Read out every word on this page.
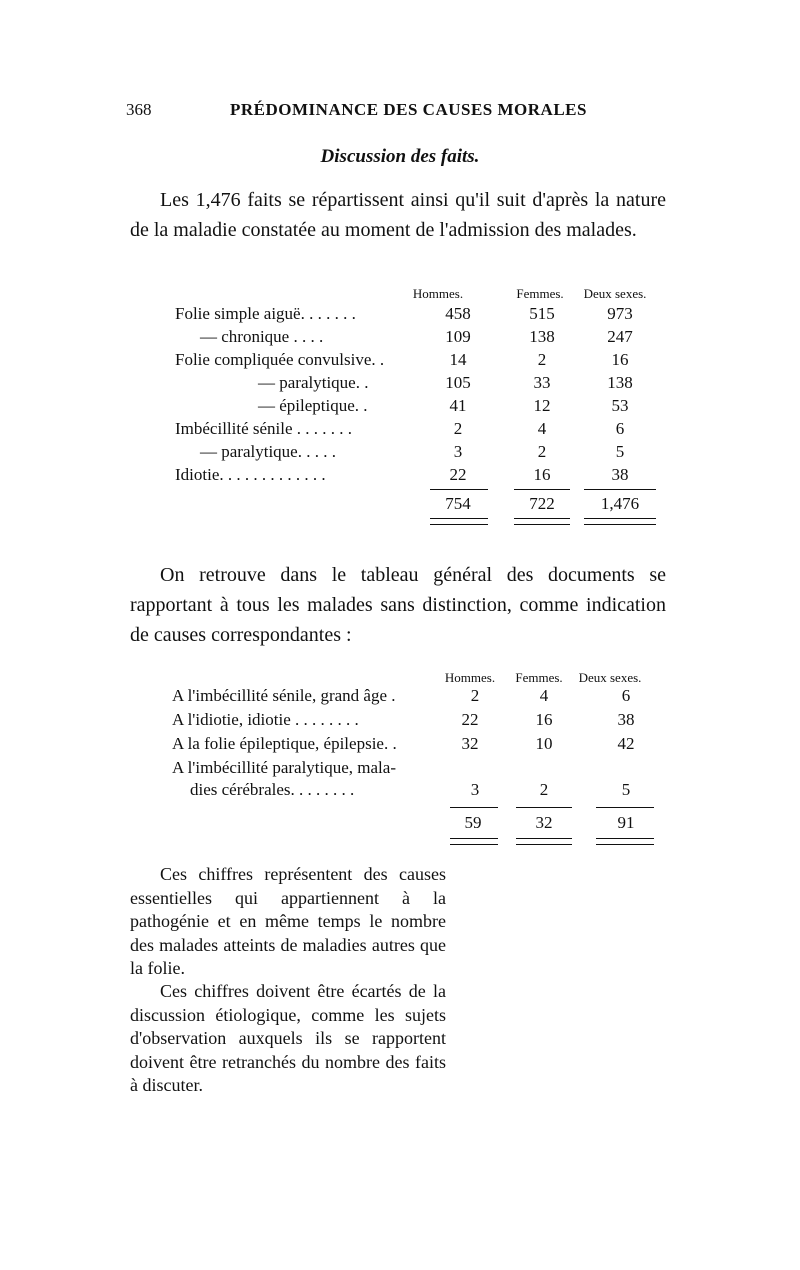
368	PRÉDOMINANCE DES CAUSES MORALES
Discussion des faits.
Les 1,476 faits se répartissent ainsi qu'il suit d'après la nature de la maladie constatée au moment de l'admission des malades.
Hommes.	Femmes.	Deux sexes.
Folie simple aiguë. . . . . . .	458	515	973
— chronique . . . .	109	138	247
Folie compliquée convulsive. .	14	2	16
— paralytique. .	105	33	138
— épileptique. .	41	12	53
Imbécillité sénile . . . . . . .	2	4	6
— paralytique. . . . .	3	2	5
Idiotie. . . . . . . . . . . . .	22	16	38
754	722	1,476
On retrouve dans le tableau général des documents se rapportant à tous les malades sans distinction, comme indication de causes correspondantes :
Hommes.	Femmes.	Deux sexes.
A l'imbécillité sénile, grand âge .	2	4	6
A l'idiotie, idiotie . . . . . . . .	22	16	38
A la folie épileptique, épilepsie. .	32	10	42
A l'imbécillité paralytique, mala-
dies cérébrales. . . . . . . .	3	2	5
59	32	91
Ces chiffres représentent des causes essentielles qui appartiennent à la pathogénie et en même temps le nombre des malades atteints de maladies autres que la folie.
Ces chiffres doivent être écartés de la discussion étiologique, comme les sujets d'observation auxquels ils se rapportent doivent être retranchés du nombre des faits à discuter.
